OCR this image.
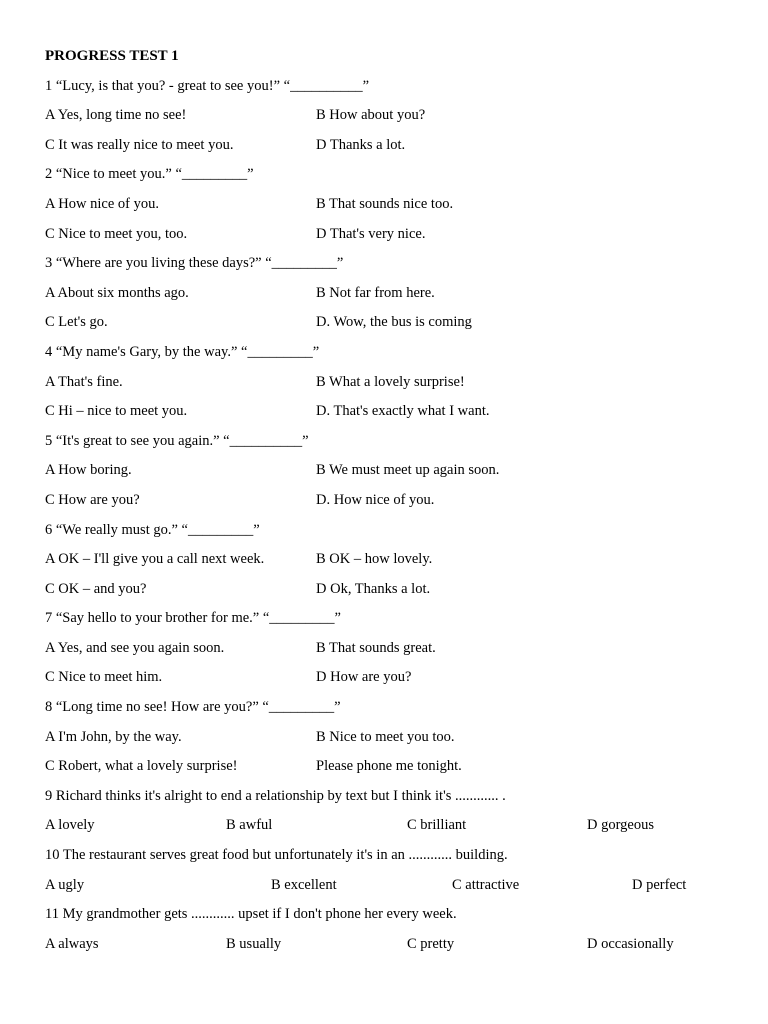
PROGRESS TEST 1
1 “Lucy, is that you? - great to see you!” “__________”
A Yes, long time no see!	B How about you?
C It was really nice to meet you.	D Thanks a lot.
2 “Nice to meet you.” “_________”
A How nice of you.	B That sounds nice too.
C Nice to meet you, too.	D That's very nice.
3 “Where are you living these days?” “_________”
A About six months ago.	B Not far from here.
C Let's go.	D. Wow, the bus is coming
4 “My name's Gary, by the way.” “_________”
A That's fine.	B What a lovely surprise!
C Hi – nice to meet you.	D. That's exactly what I want.
5 “It's great to see you again.” “__________”
A How boring.	B We must meet up again soon.
C How are you?	D. How nice of you.
6 “We really must go.” “_________”
A OK – I'll give you a call next week.	B OK – how lovely.
C OK – and you?	D Ok, Thanks a lot.
7 “Say hello to your brother for me.” “_________”
A Yes, and see you again soon.	B That sounds great.
C Nice to meet him.	D How are you?
8 “Long time no see! How are you?” “_________”
A I'm John, by the way.	B Nice to meet you too.
C Robert, what a lovely surprise!	Please phone me tonight.
9 Richard thinks it's alright to end a relationship by text but I think it's ............ .
A lovely	B awful	C brilliant	D gorgeous
10 The restaurant serves great food but unfortunately it's in an ............ building.
A ugly	B excellent	C attractive	D perfect
11 My grandmother gets ............ upset if I don't phone her every week.
A always	B usually	C pretty	D occasionally
